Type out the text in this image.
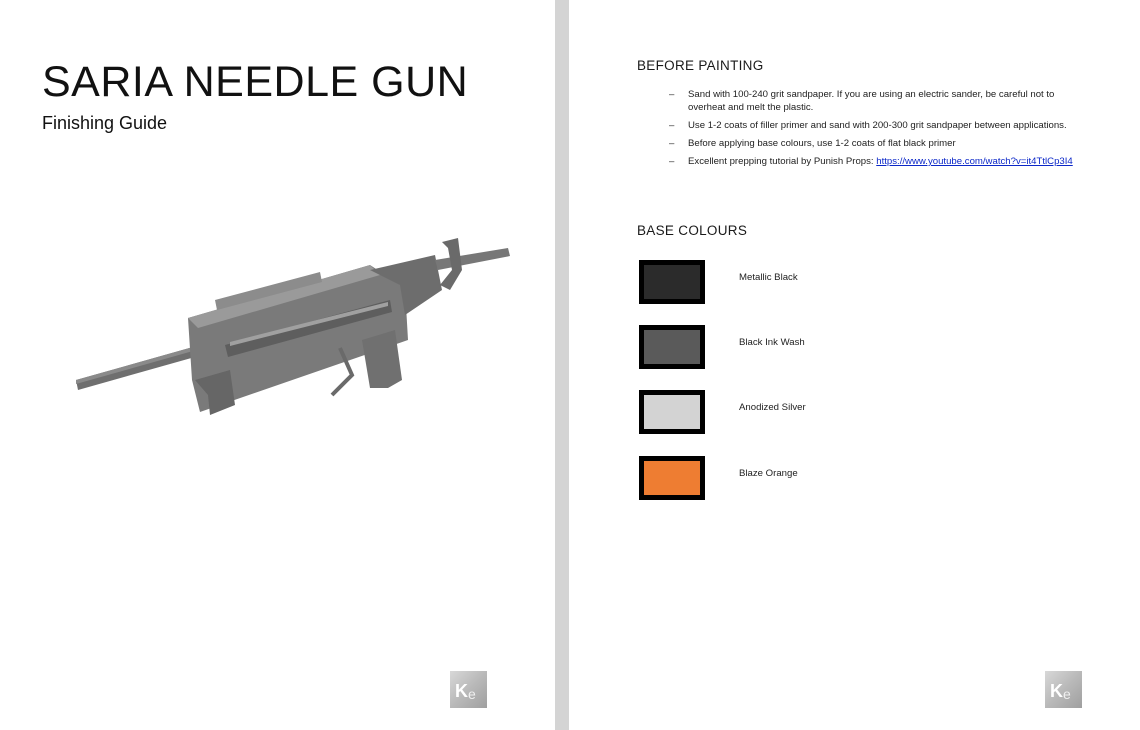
SARIA NEEDLE GUN
Finishing Guide
K e
BEFORE PAINTING
– Sand with 100-240 grit sandpaper. If you are using an electric sander, be careful not to overheat and melt the plastic.
– Use 1-2 coats of filler primer and sand with 200-300 grit sandpaper between applications.
– Before applying base colours, use 1-2 coats of flat black primer
– Excellent prepping tutorial by Punish Props: https://www.youtube.com/watch?v=it4TtlCp3I4
BASE COLOURS
Metallic Black
Black Ink Wash
Anodized Silver
Blaze Orange
K e
